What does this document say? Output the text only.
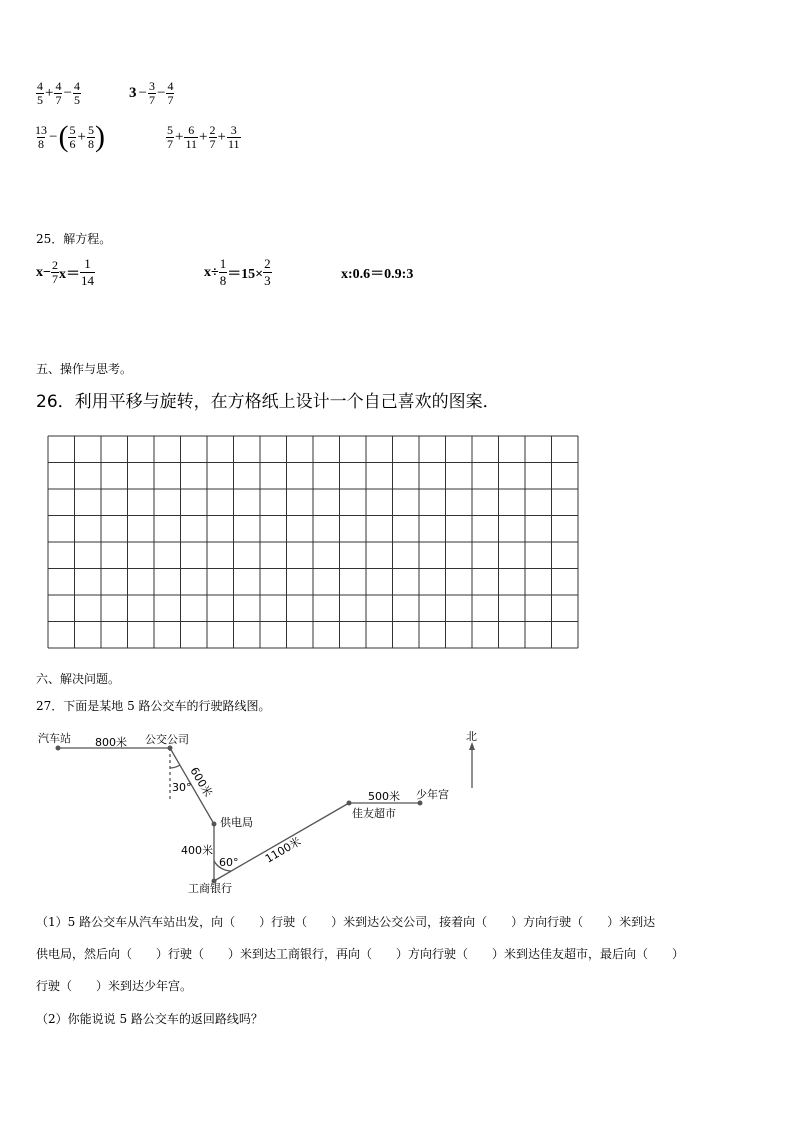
$\frac{4}{5} + \frac{4}{7} - \frac{4}{5}$	$3 - \frac{3}{7} - \frac{4}{7}$
$\frac{13}{8}$ − ( $\frac{5}{6} + \frac{5}{8}$ )	$\frac{5}{7} + \frac{6}{11} + \frac{2}{7} + \frac{3}{11}$
25．解方程。
$x- \frac{2}{7} x= \frac{1}{14}$	$x\div \frac{1}{8} =15\times \frac{2}{3}$	x:0.6＝0.9:3
五、操作与思考。
26．利用平移与旋转，在方格纸上设计一个自己喜欢的图案．
六、解决问题。
27．下面是某地 5 路公交车的行驶路线图。
汽车站 800米 公交公司
600米
30°
供电局
400米
60° 1100米
工商银行
500米 少年宫
佳友超市
北
（1）5 路公交车从汽车站出发，向（　　）行驶（　　）米到达公交公司，接着向（　　）方向行驶（　　）米到达
供电局，然后向（　　）行驶（　　）米到达工商银行，再向（　　）方向行驶（　　）米到达佳友超市，最后向（　　）
行驶（　　）米到达少年宫。
（2）你能说说 5 路公交车的返回路线吗？
